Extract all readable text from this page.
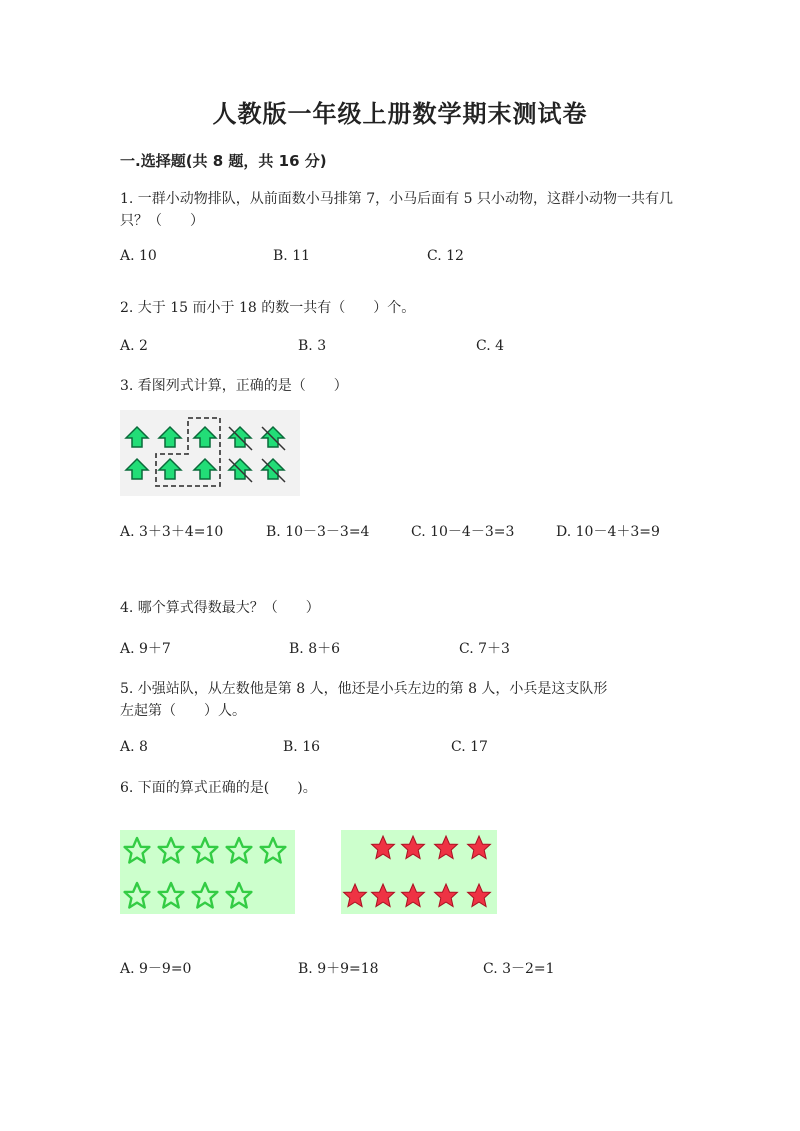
人教版一年级上册数学期末测试卷
一.选择题(共 8 题，共 16 分)
1. 一群小动物排队，从前面数小马排第 7，小马后面有 5 只小动物，这群小动物一共有几
只？（　　）
A. 10	B. 11	C. 12
2. 大于 15 而小于 18 的数一共有（　　）个。
A. 2	B. 3	C. 4
3. 看图列式计算，正确的是（　　）
A. 3＋3＋4=10	B. 10－3－3=4	C. 10－4－3=3	D. 10－4＋3=9
4. 哪个算式得数最大？（　　）
A. 9＋7	B. 8＋6	C. 7＋3
5. 小强站队，从左数他是第 8 人，他还是小兵左边的第 8 人，小兵是这支队形
左起第（　　）人。
A. 8	B. 16	C. 17
6. 下面的算式正确的是(　　)。
A. 9－9=0	B. 9＋9=18	C. 3－2=1
